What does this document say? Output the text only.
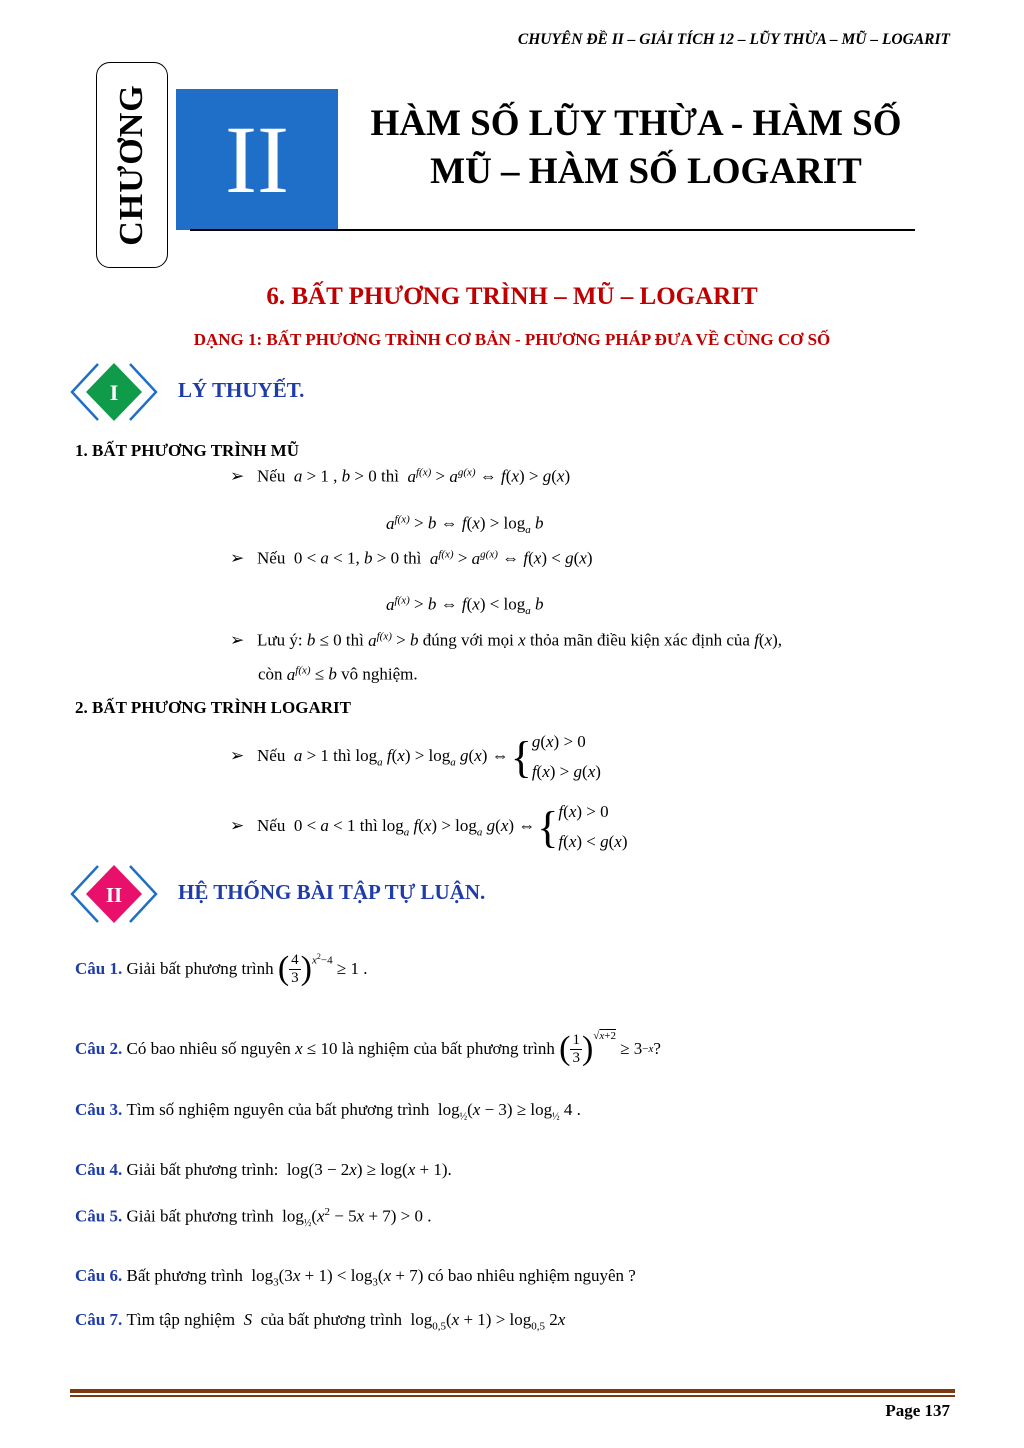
CHUYÊN ĐỀ II – GIẢI TÍCH 12 – LŨY THỪA – MŨ – LOGARIT
CHƯƠNG II	HÀM SỐ LŨY THỪA - HÀM SỐ
MŨ – HÀM SỐ LOGARIT
6. BẤT PHƯƠNG TRÌNH – MŨ – LOGARIT
DẠNG 1: BẤT PHƯƠNG TRÌNH CƠ BẢN - PHƯƠNG PHÁP ĐƯA VỀ CÙNG CƠ SỐ
I	LÝ THUYẾT.
1. BẤT PHƯƠNG TRÌNH MŨ
➢   Nếu a > 1 , b > 0 thì $a^{f(x)} > a^{g(x)}$ ⇔ f(x) > g(x)
$a^{f(x)} > b$ ⇔ $f(x) > \log_a b$
➢   Nếu  0 < a < 1, b > 0 thì $a^{f(x)} > a^{g(x)}$ ⇔ f(x) < g(x)
$a^{f(x)} > b$ ⇔ $f(x) < \log_a b$
➢   Lưu ý: b ≤ 0 thì $a^{f(x)} > b$ đúng với mọi x thỏa mãn điều kiện xác định của f(x),
còn $a^{f(x)} \le b$ vô nghiệm.
2. BẤT PHƯƠNG TRÌNH LOGARIT
➢   Nếu a > 1 thì $\log_a f(x) > \log_a g(x)$ ⇔ { g(x) > 0
f(x) > g(x)
➢   Nếu  0 < a < 1 thì $\log_a f(x) > \log_a g(x)$ ⇔ { f(x) > 0
f(x) < g(x)
II	HỆ THỐNG BÀI TẬP TỰ LUẬN.
Câu 1.
Giải bất phương trình
( $\frac{4}{3}$ ) $^{x^2-4}$ ≥ 1 .
Câu 2.
Có bao nhiêu số nguyên
x ≤ 10 là nghiệm của bất phương trình
( $\frac{1}{3} )^{√x+2}$
≥ 3 −x ?
Câu 3. Tìm số nghiệm nguyên của bất phương trình  $\log_{\frac{1}{2}}(x - 3) \ge \log_{\frac{1}{2}} 4$ .
Câu 4. Giải bất phương trình:  log(3 − 2x) ≥ log(x + 1).
Câu 5. Giải bất phương trình  $\log_{\frac{1}{2}}(x^2 - 5x + 7) > 0$ .
Câu 6. Bất phương trình  $\log_3(3x + 1) < \log_3(x + 7)$ có bao nhiêu nghiệm nguyên ?
Câu 7. Tìm tập nghiệm S của bất phương trình  $\log_{0,5}(x + 1) > \log_{0,5} 2x$
Page 137
